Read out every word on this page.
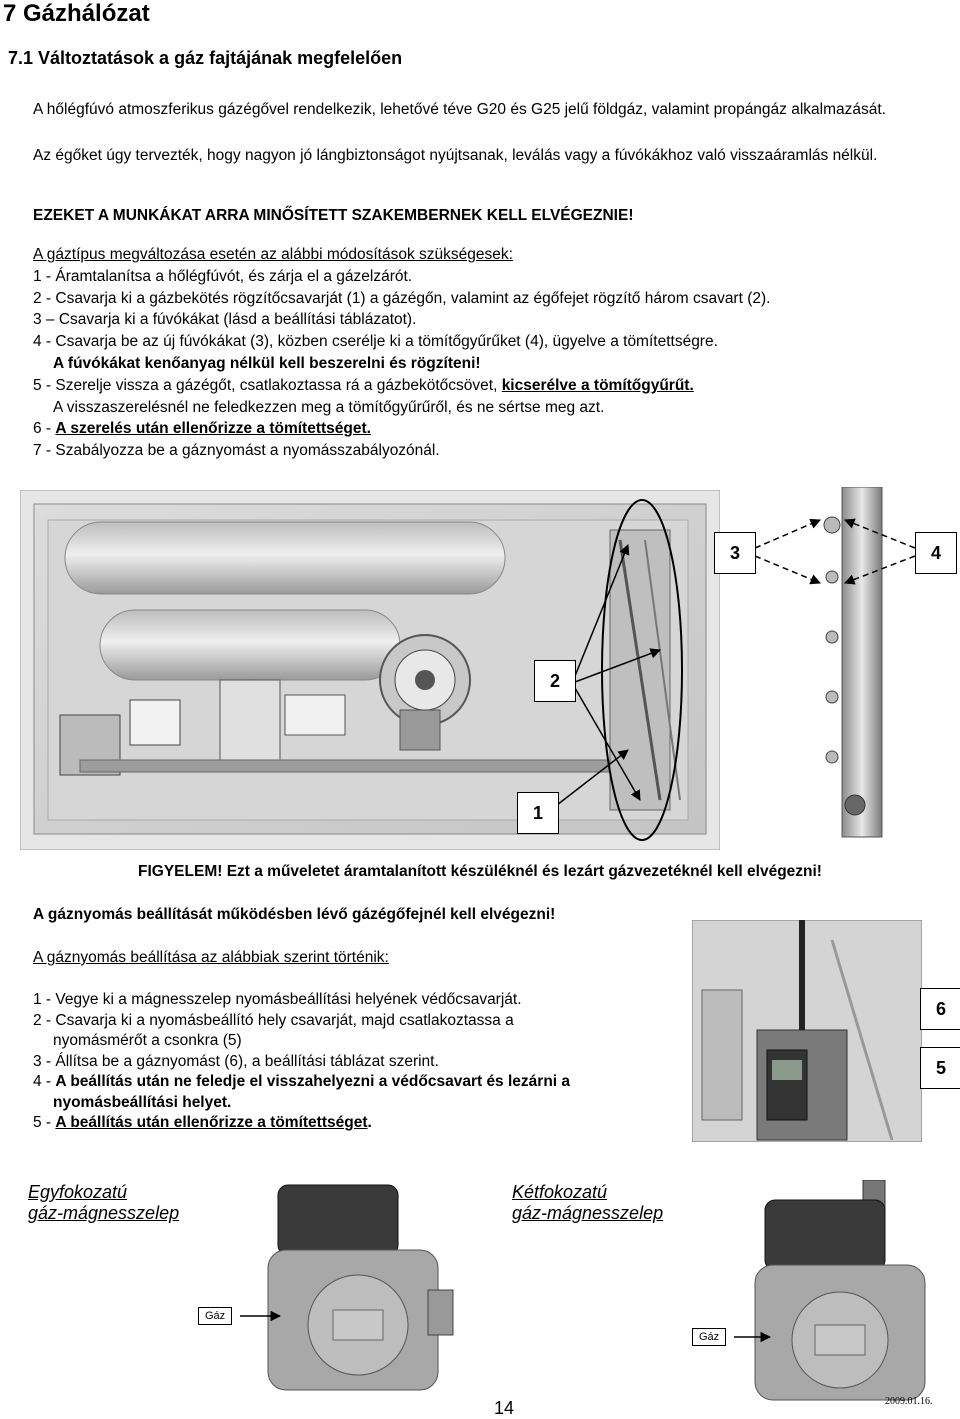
7 Gázhálózat
7.1 Változtatások a gáz fajtájának megfelelően

A hőlégfúvó atmoszferikus gázégővel rendelkezik, lehetővé téve G20 és G25 jelű földgáz, valamint propángáz alkalmazását.

Az égőket úgy tervezték, hogy nagyon jó lángbiztonságot nyújtsanak, leválás vagy a fúvókákhoz való visszaáramlás nélkül.

EZEKET A MUNKÁKAT ARRA MINŐSÍTETT SZAKEMBERNEK KELL ELVÉGEZNIE!

A gáztípus megváltozása esetén az alábbi módosítások szükségesek:
1 - Áramtalanítsa a hőlégfúvót, és zárja el a gázelzárót.
2 - Csavarja ki a gázbekötés rögzítőcsavarját (1) a gázégőn, valamint az égőfejet rögzítő három csavart (2).
3 – Csavarja ki a fúvókákat (lásd a beállítási táblázatot).
4 - Csavarja be az új fúvókákat (3), közben cserélje ki a tömítőgyűrűket (4), ügyelve a tömítettségre.
A fúvókákat kenőanyag nélkül kell beszerelni és rögzíteni!
5 - Szerelje vissza a gázégőt, csatlakoztassa rá a gázbekötőcsövet, kicserélve a tömítőgyűrűt.
A visszaszerelésnél ne feledkezzen meg a tömítőgyűrűről, és ne sértse meg azt.
6 - A szerelés után ellenőrizze a tömítettséget.
7 - Szabályozza be a gáznyomást a nyomásszabályozónál.
3	4
2
1
FIGYELEM! Ezt a műveletet áramtalanított készüléknél és lezárt gázvezetéknél kell elvégezni!
A gáznyomás beállítását működésben lévő gázégőfejnél kell elvégezni!
A gáznyomás beállítása az alábbiak szerint történik:
1 - Vegye ki a mágnesszelep nyomásbeállítási helyének védőcsavarját.
2 - Csavarja ki a nyomásbeállító hely csavarját, majd csatlakoztassa a
nyomásmérőt a csonkra (5)
3 - Állítsa be a gáznyomást (6), a beállítási táblázat szerint.
4 - A beállítás után ne feledje el visszahelyezni a védőcsavart és lezárni a
nyomásbeállítási helyet.
5 - A beállítás után ellenőrizze a tömítettséget.
6
5
Egyfokozatú
gáz-mágnesszelep
Kétfokozatú
gáz-mágnesszelep
Gáz
Gáz
14	2009.01.16.
